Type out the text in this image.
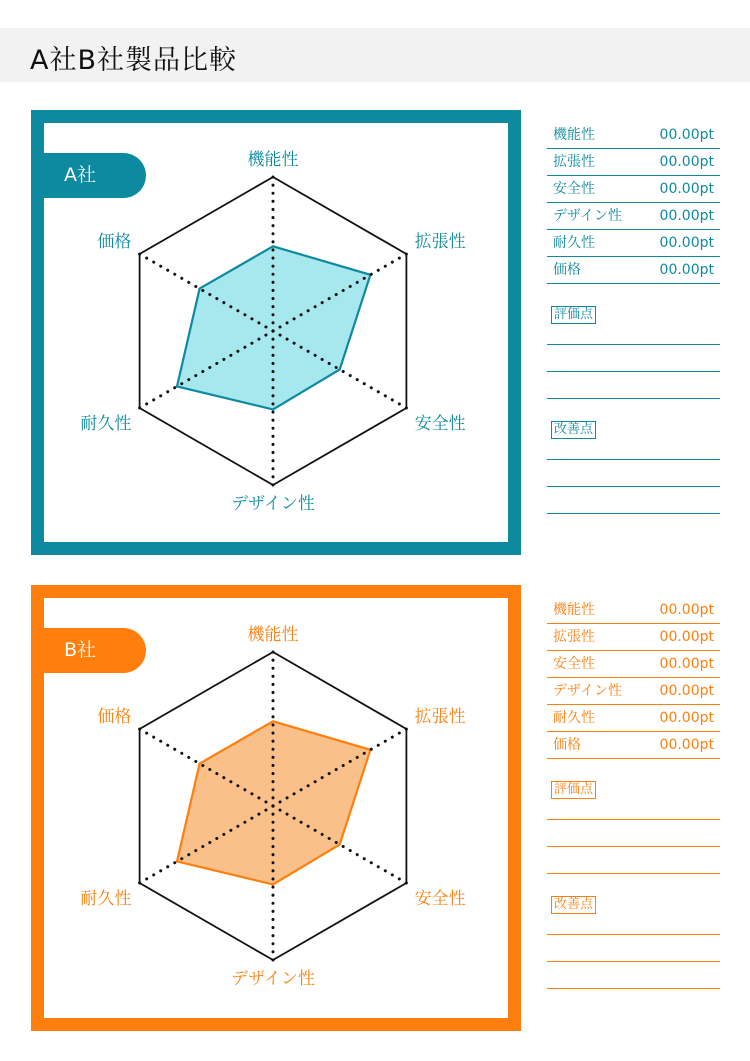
A社B社製品比較
A社
機能性
拡張性
安全性
デザイン性
耐久性
価格
機能性	00.00pt
拡張性	00.00pt
安全性	00.00pt
デザイン性	00.00pt
耐久性	00.00pt
価格	00.00pt
評価点
改善点
B社
機能性
拡張性
安全性
デザイン性
耐久性
価格
機能性	00.00pt
拡張性	00.00pt
安全性	00.00pt
デザイン性	00.00pt
耐久性	00.00pt
価格	00.00pt
評価点
改善点
